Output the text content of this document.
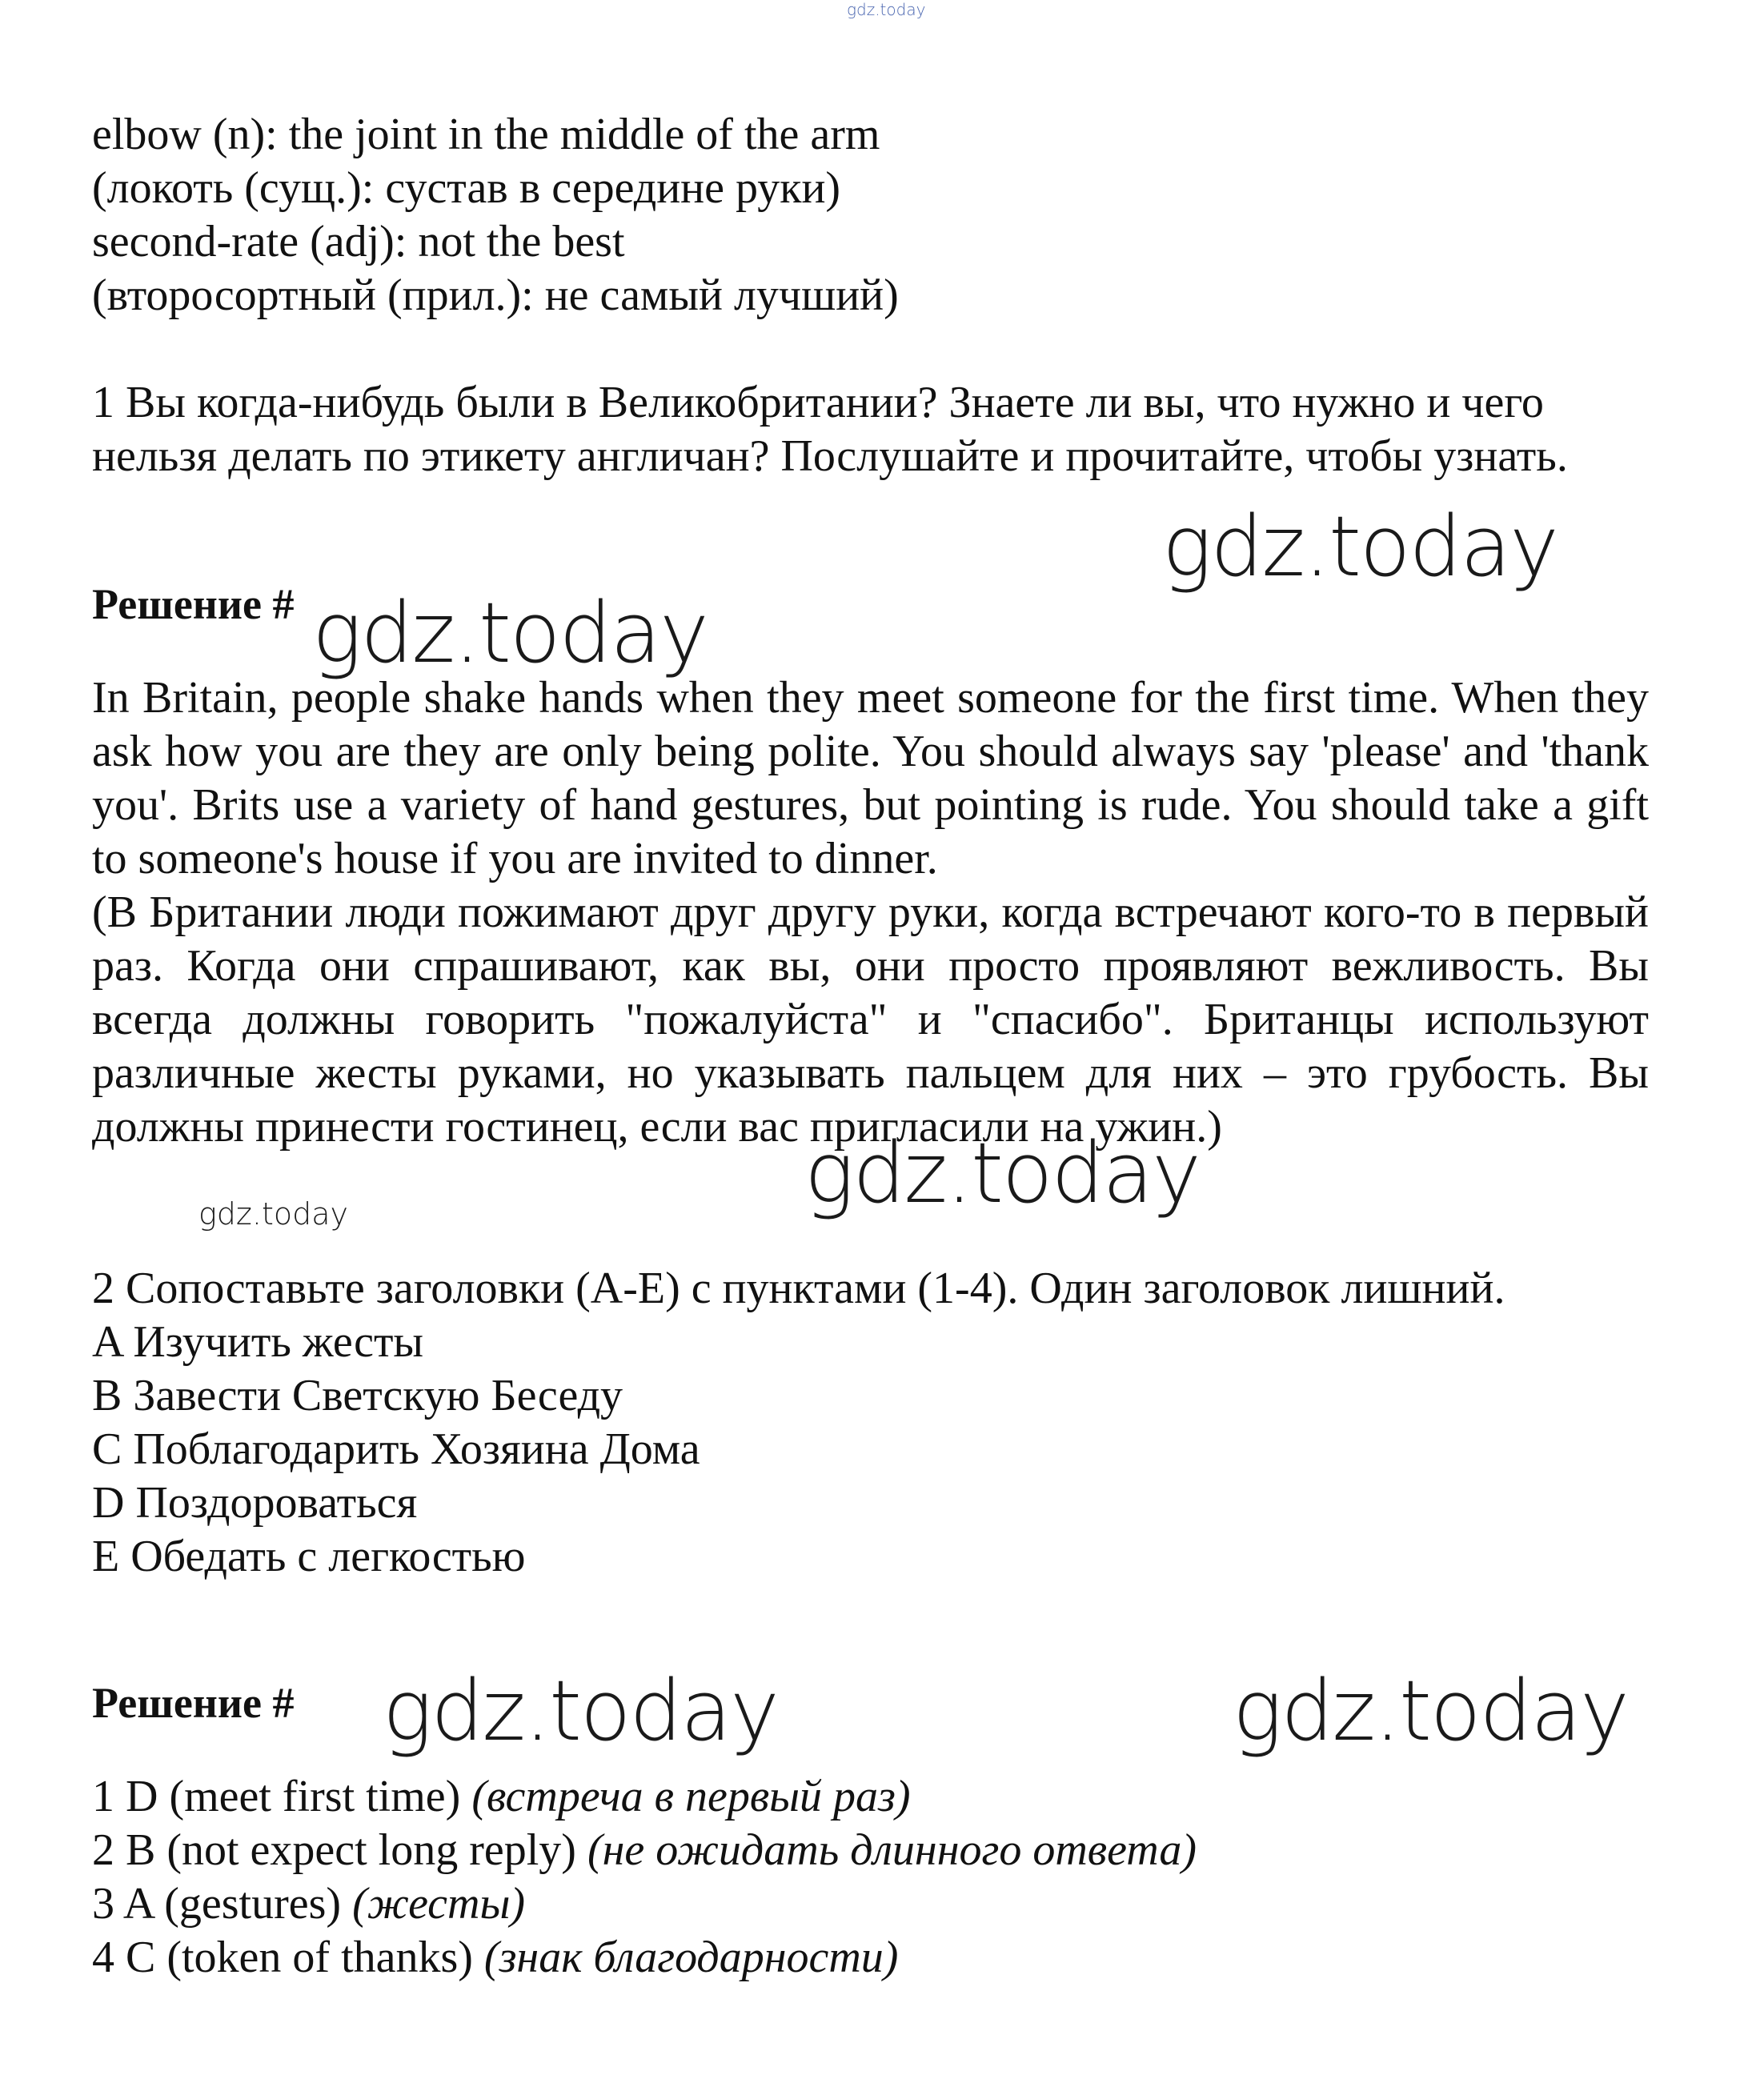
gdz.today
elbow (n): the joint in the middle of the arm
(локоть (сущ.): сустав в середине руки)
second-rate (adj): not the best
(второсортный (прил.): не самый лучший)
1 Вы когда-нибудь были в Великобритании? Знаете ли вы, что нужно и чего
нельзя делать по этикету англичан? Послушайте и прочитайте, чтобы узнать.
gdz.today
Решение # gdz.today

In Britain, people shake hands when they meet someone for the first time. When they ask how you are they are only being polite. You should always say 'please' and 'thank you'. Brits use a variety of hand gestures, but pointing is rude. You should take a gift to someone's house if you are invited to dinner.

(В Британии люди пожимают друг другу руки, когда встречают кого-то в первый раз. Когда они спрашивают, как вы, они просто проявляют вежливость. Вы всегда должны говорить "пожалуйста" и "спасибо". Британцы используют различные жесты руками, но указывать пальцем для них – это грубость. Вы должны принести гостинец, если вас пригласили на ужин.)

gdz.today
gdz.today
2 Сопоставьте заголовки (A-E) с пунктами (1-4). Один заголовок лишний.
A Изучить жесты
B Завести Светскую Беседу
C Поблагодарить Хозяина Дома
D Поздороваться
E Обедать с легкостью
Решение # gdz.today	gdz.today
1 D (meet first time) (встреча в первый раз)
2 B (not expect long reply) (не ожидать длинного ответа)
3 A (gestures) (жесты)
4 C (token of thanks) (знак благодарности)
